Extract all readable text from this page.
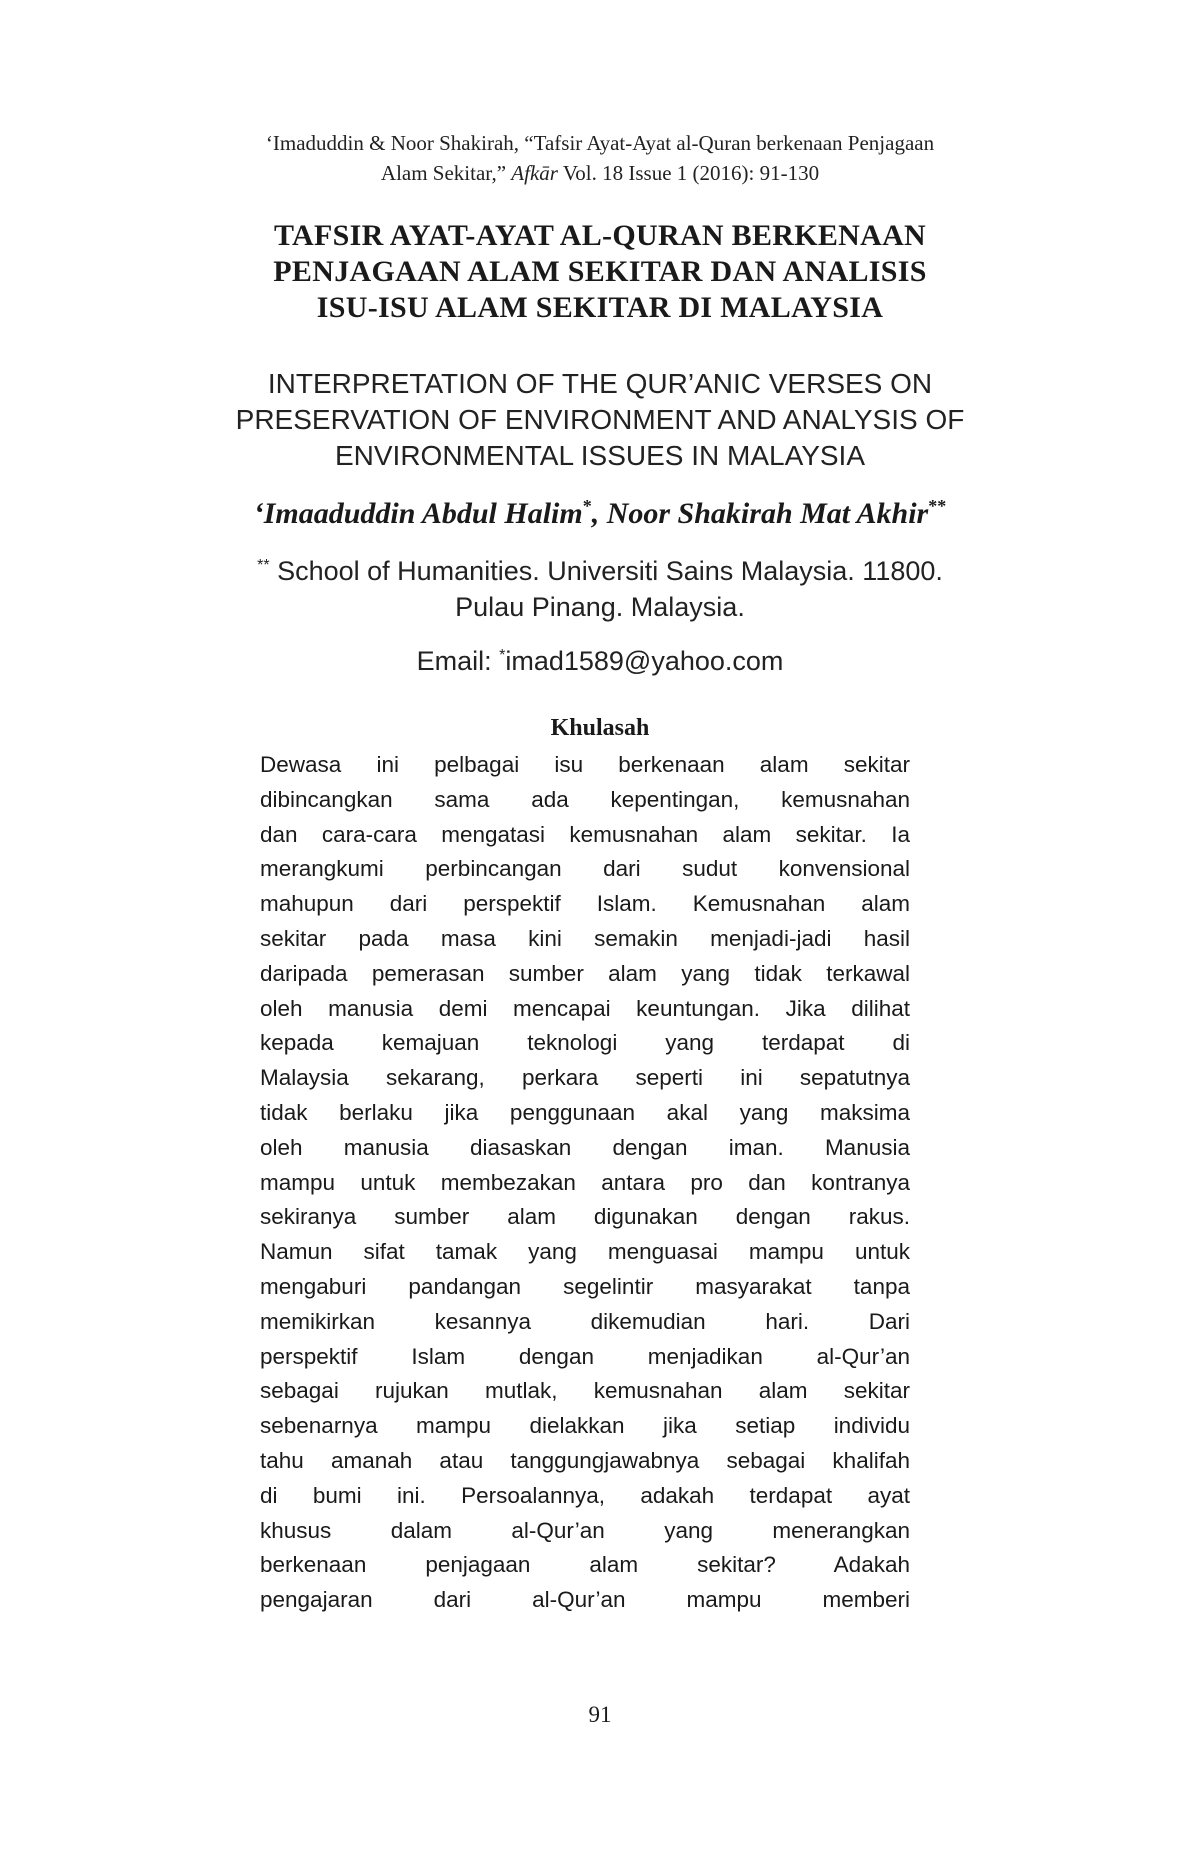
‘Imaduddin & Noor Shakirah, “Tafsir Ayat-Ayat al-Quran berkenaan Penjagaan
Alam Sekitar,” Afkār Vol. 18 Issue 1 (2016): 91-130
TAFSIR AYAT-AYAT AL-QURAN BERKENAAN
PENJAGAAN ALAM SEKITAR DAN ANALISIS
ISU-ISU ALAM SEKITAR DI MALAYSIA
INTERPRETATION OF THE QUR’ANIC VERSES ON
PRESERVATION OF ENVIRONMENT AND ANALYSIS OF
ENVIRONMENTAL ISSUES IN MALAYSIA
‘Imaaduddin Abdul Halim*, Noor Shakirah Mat Akhir**
** School of Humanities. Universiti Sains Malaysia. 11800.
Pulau Pinang. Malaysia.
Email: *imad1589@yahoo.com
Khulasah
Dewasa ini pelbagai isu berkenaan alam sekitar
dibincangkan sama ada kepentingan, kemusnahan
dan cara-cara mengatasi kemusnahan alam sekitar. Ia
merangkumi perbincangan dari sudut konvensional
mahupun dari perspektif Islam. Kemusnahan alam
sekitar pada masa kini semakin menjadi-jadi hasil
daripada pemerasan sumber alam yang tidak terkawal
oleh manusia demi mencapai keuntungan. Jika dilihat
kepada kemajuan teknologi yang terdapat di
Malaysia sekarang, perkara seperti ini sepatutnya
tidak berlaku jika penggunaan akal yang maksima
oleh manusia diasaskan dengan iman. Manusia
mampu untuk membezakan antara pro dan kontranya
sekiranya sumber alam digunakan dengan rakus.
Namun sifat tamak yang menguasai mampu untuk
mengaburi pandangan segelintir masyarakat tanpa
memikirkan kesannya dikemudian hari. Dari
perspektif Islam dengan menjadikan al-Qur’an
sebagai rujukan mutlak, kemusnahan alam sekitar
sebenarnya mampu dielakkan jika setiap individu
tahu amanah atau tanggungjawabnya sebagai khalifah
di bumi ini. Persoalannya, adakah terdapat ayat
khusus dalam al-Qur’an yang menerangkan
berkenaan penjagaan alam sekitar? Adakah
pengajaran dari al-Qur’an mampu memberi
91
